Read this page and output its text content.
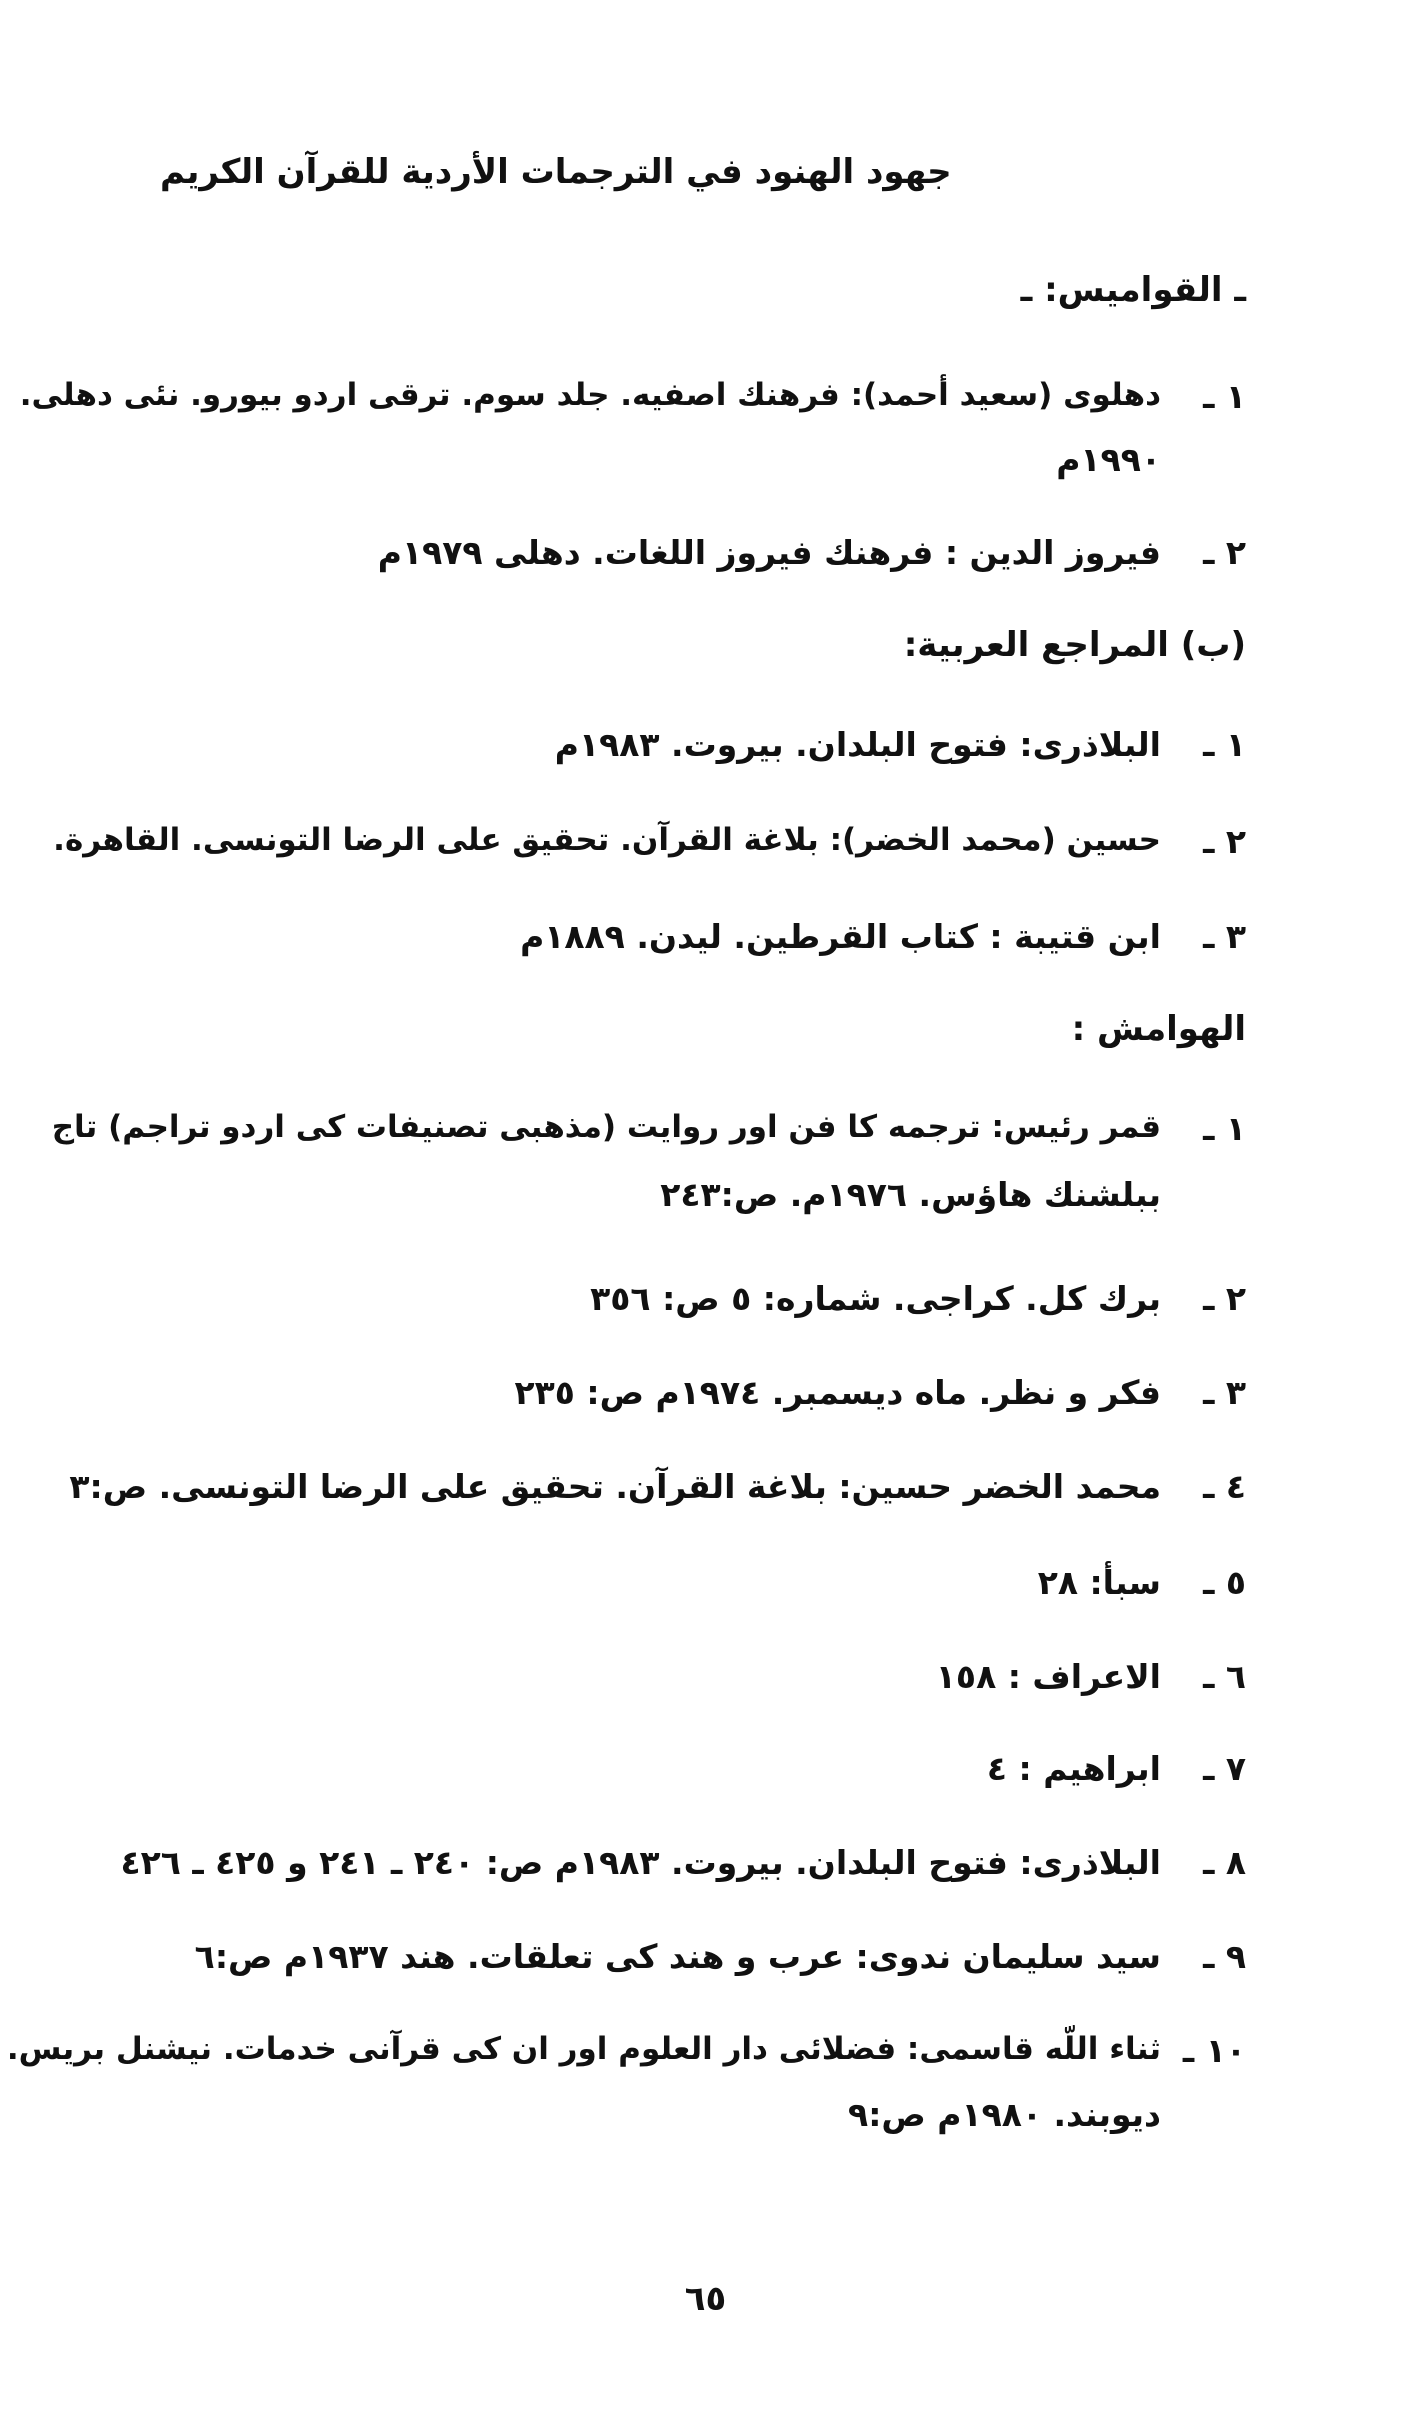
جهود الهنود في الترجمات الأردية للقرآن الكريم
ـ القواميس: ـ
١ ـ
دهلوى (سعيد أحمد): فرهنك اصفيه. جلد سوم. ترقى اردو بيورو. نئى دهلى.
١٩٩٠م
٢ ـ
فيروز الدين : فرهنك فيروز اللغات. دهلى ١٩٧٩م
(ب) المراجع العربية:
١ ـ
البلاذرى: فتوح البلدان. بيروت. ١٩٨٣م
٢ ـ
حسين (محمد الخضر): بلاغة القرآن. تحقيق على الرضا التونسى. القاهرة.
٣ ـ
ابن قتيبة : كتاب القرطين. ليدن. ١٨٨٩م
الهوامش :
١ ـ
قمر رئيس: ترجمه كا فن اور روايت (مذهبى تصنيفات كى اردو تراجم) تاج
ببلشنك هاؤس. ١٩٧٦م. ص:٢٤٣
٢ ـ
برك كل. كراجى. شماره: ٥ ص: ٣٥٦
٣ ـ
فكر و نظر. ماه ديسمبر. ١٩٧٤م ص: ٢٣٥
٤ ـ
محمد الخضر حسين: بلاغة القرآن. تحقيق على الرضا التونسى. ص:٣
٥ ـ
سبأ: ٢٨
٦ ـ
الاعراف : ١٥٨
٧ ـ
ابراهيم : ٤
٨ ـ
البلاذرى: فتوح البلدان. بيروت. ١٩٨٣م ص: ٢٤٠ ـ ٢٤١ و ٤٢٥ ـ ٤٢٦
٩ ـ
سيد سليمان ندوى: عرب و هند كى تعلقات. هند ١٩٣٧م ص:٦
١٠ ـ
ثناء اللّه قاسمى: فضلائى دار العلوم اور ان كى قرآنى خدمات. نيشنل بريس.
ديوبند. ١٩٨٠م ص:٩
٦٥
